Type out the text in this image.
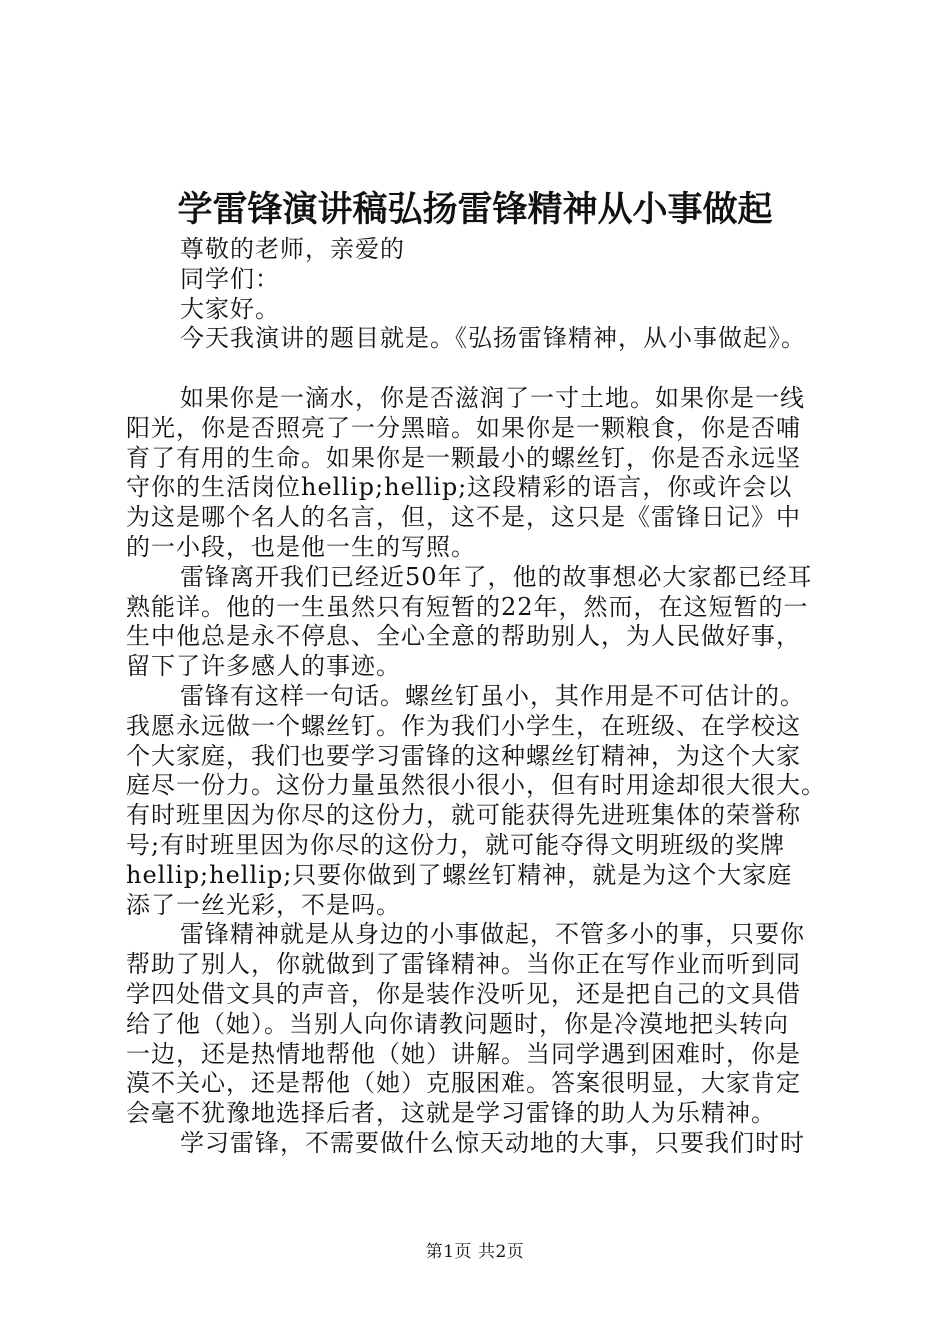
学雷锋演讲稿弘扬雷锋精神从小事做起
尊敬的老师，亲爱的
同学们：
大家好。
今天我演讲的题目就是。《弘扬雷锋精神，从小事做起》。
如果你是一滴水，你是否滋润了一寸土地。如果你是一线
阳光，你是否照亮了一分黑暗。如果你是一颗粮食，你是否哺
育了有用的生命。如果你是一颗最小的螺丝钉，你是否永远坚
守你的生活岗位hellip;hellip;这段精彩的语言，你或许会以
为这是哪个名人的名言，但，这不是，这只是《雷锋日记》中
的一小段，也是他一生的写照。
雷锋离开我们已经近50年了，他的故事想必大家都已经耳
熟能详。他的一生虽然只有短暂的22年，然而，在这短暂的一
生中他总是永不停息、全心全意的帮助别人，为人民做好事，
留下了许多感人的事迹。
雷锋有这样一句话。螺丝钉虽小，其作用是不可估计的。
我愿永远做一个螺丝钉。作为我们小学生，在班级、在学校这
个大家庭，我们也要学习雷锋的这种螺丝钉精神，为这个大家
庭尽一份力。这份力量虽然很小很小，但有时用途却很大很大。
有时班里因为你尽的这份力，就可能获得先进班集体的荣誉称
号;有时班里因为你尽的这份力，就可能夺得文明班级的奖牌
hellip;hellip;只要你做到了螺丝钉精神，就是为这个大家庭
添了一丝光彩，不是吗。
雷锋精神就是从身边的小事做起，不管多小的事，只要你
帮助了别人，你就做到了雷锋精神。当你正在写作业而听到同
学四处借文具的声音，你是装作没听见，还是把自己的文具借
给了他（她）。当别人向你请教问题时，你是冷漠地把头转向
一边，还是热情地帮他（她）讲解。当同学遇到困难时，你是
漠不关心，还是帮他（她）克服困难。答案很明显，大家肯定
会毫不犹豫地选择后者，这就是学习雷锋的助人为乐精神。
学习雷锋，不需要做什么惊天动地的大事，只要我们时时
第1页 共2页
